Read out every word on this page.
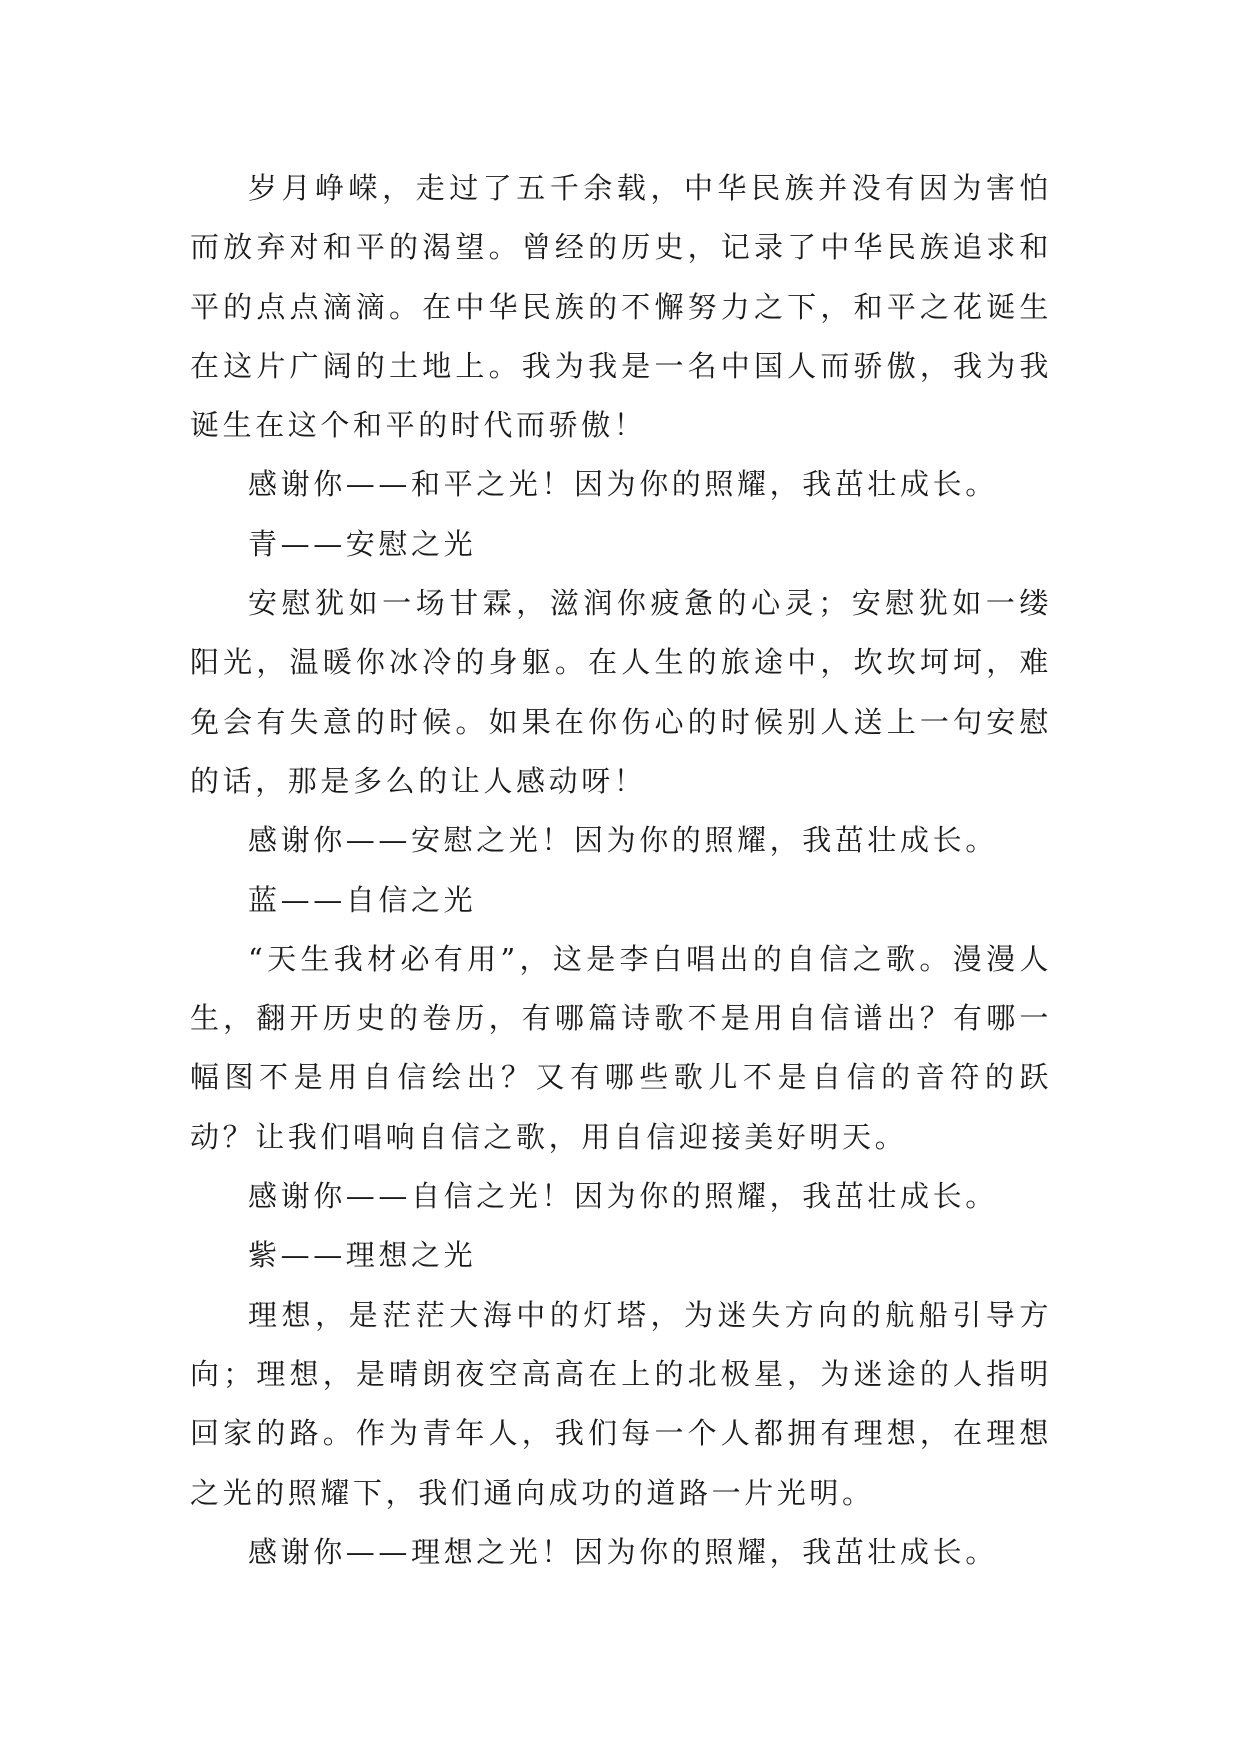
岁月峥嵘，走过了五千余载，中华民族并没有因为害怕而放弃对和平的渴望。曾经的历史，记录了中华民族追求和平的点点滴滴。在中华民族的不懈努力之下，和平之花诞生在这片广阔的土地上。我为我是一名中国人而骄傲，我为我诞生在这个和平的时代而骄傲！

感谢你——和平之光！因为你的照耀，我茁壮成长。

青——安慰之光

安慰犹如一场甘霖，滋润你疲惫的心灵；安慰犹如一缕阳光，温暖你冰冷的身躯。在人生的旅途中，坎坎坷坷，难免会有失意的时候。如果在你伤心的时候别人送上一句安慰的话，那是多么的让人感动呀！

感谢你——安慰之光！因为你的照耀，我茁壮成长。

蓝——自信之光

“天生我材必有用”，这是李白唱出的自信之歌。漫漫人生，翻开历史的卷历，有哪篇诗歌不是用自信谱出？有哪一幅图不是用自信绘出？又有哪些歌儿不是自信的音符的跃动？让我们唱响自信之歌，用自信迎接美好明天。

感谢你——自信之光！因为你的照耀，我茁壮成长。

紫——理想之光

理想，是茫茫大海中的灯塔，为迷失方向的航船引导方向；理想，是晴朗夜空高高在上的北极星，为迷途的人指明回家的路。作为青年人，我们每一个人都拥有理想，在理想之光的照耀下，我们通向成功的道路一片光明。

感谢你——理想之光！因为你的照耀，我茁壮成长。
